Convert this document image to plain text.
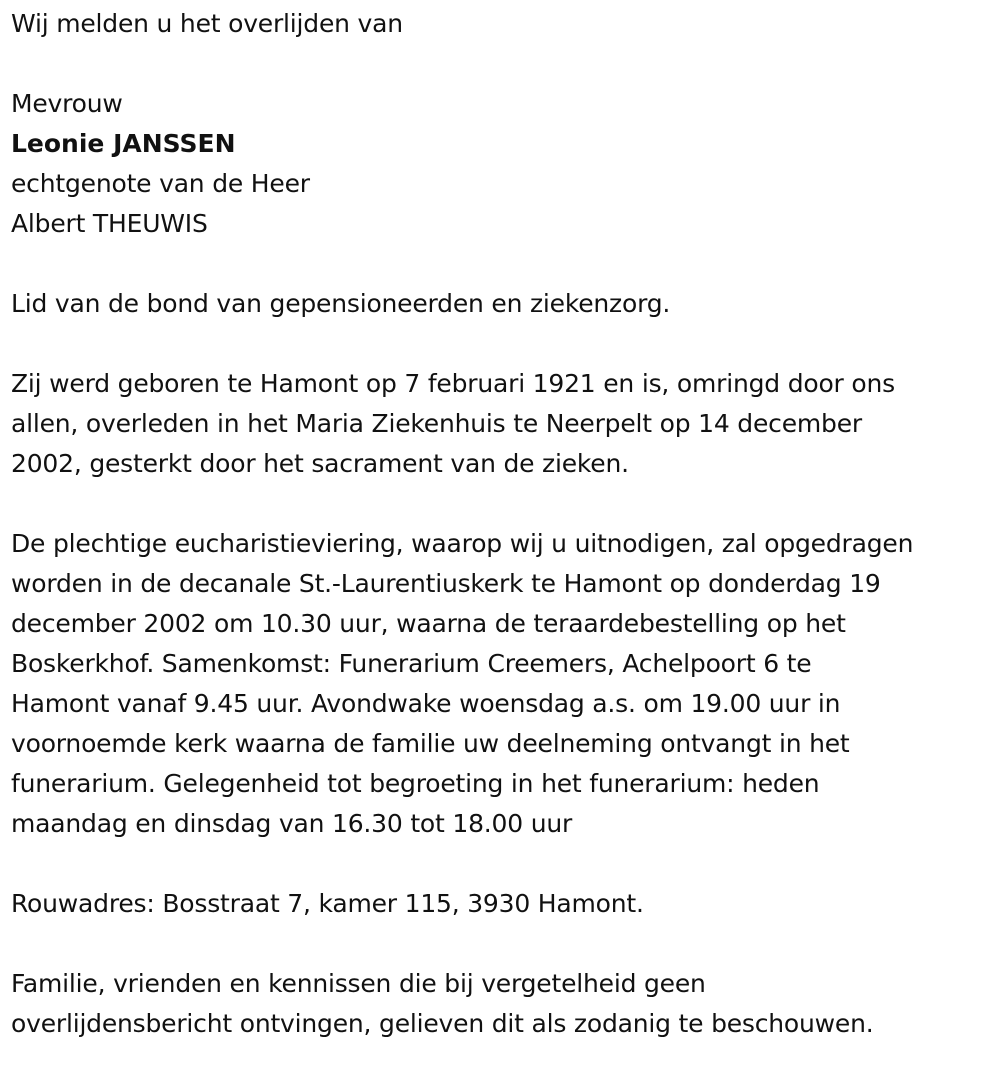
Wij melden u het overlijden van
Mevrouw
Leonie JANSSEN
echtgenote van de Heer
Albert THEUWIS
Lid van de bond van gepensioneerden en ziekenzorg.
Zij werd geboren te Hamont op 7 februari 1921 en is, omringd door ons
allen, overleden in het Maria Ziekenhuis te Neerpelt op 14 december
2002, gesterkt door het sacrament van de zieken.
De plechtige eucharistieviering, waarop wij u uitnodigen, zal opgedragen
worden in de decanale St.-Laurentiuskerk te Hamont op donderdag 19
december 2002 om 10.30 uur, waarna de teraardebestelling op het
Boskerkhof. Samenkomst: Funerarium Creemers, Achelpoort 6 te
Hamont vanaf 9.45 uur. Avondwake woensdag a.s. om 19.00 uur in
voornoemde kerk waarna de familie uw deelneming ontvangt in het
funerarium. Gelegenheid tot begroeting in het funerarium: heden
maandag en dinsdag van 16.30 tot 18.00 uur
Rouwadres: Bosstraat 7, kamer 115, 3930 Hamont.
Familie, vrienden en kennissen die bij vergetelheid geen
overlijdensbericht ontvingen, gelieven dit als zodanig te beschouwen.
